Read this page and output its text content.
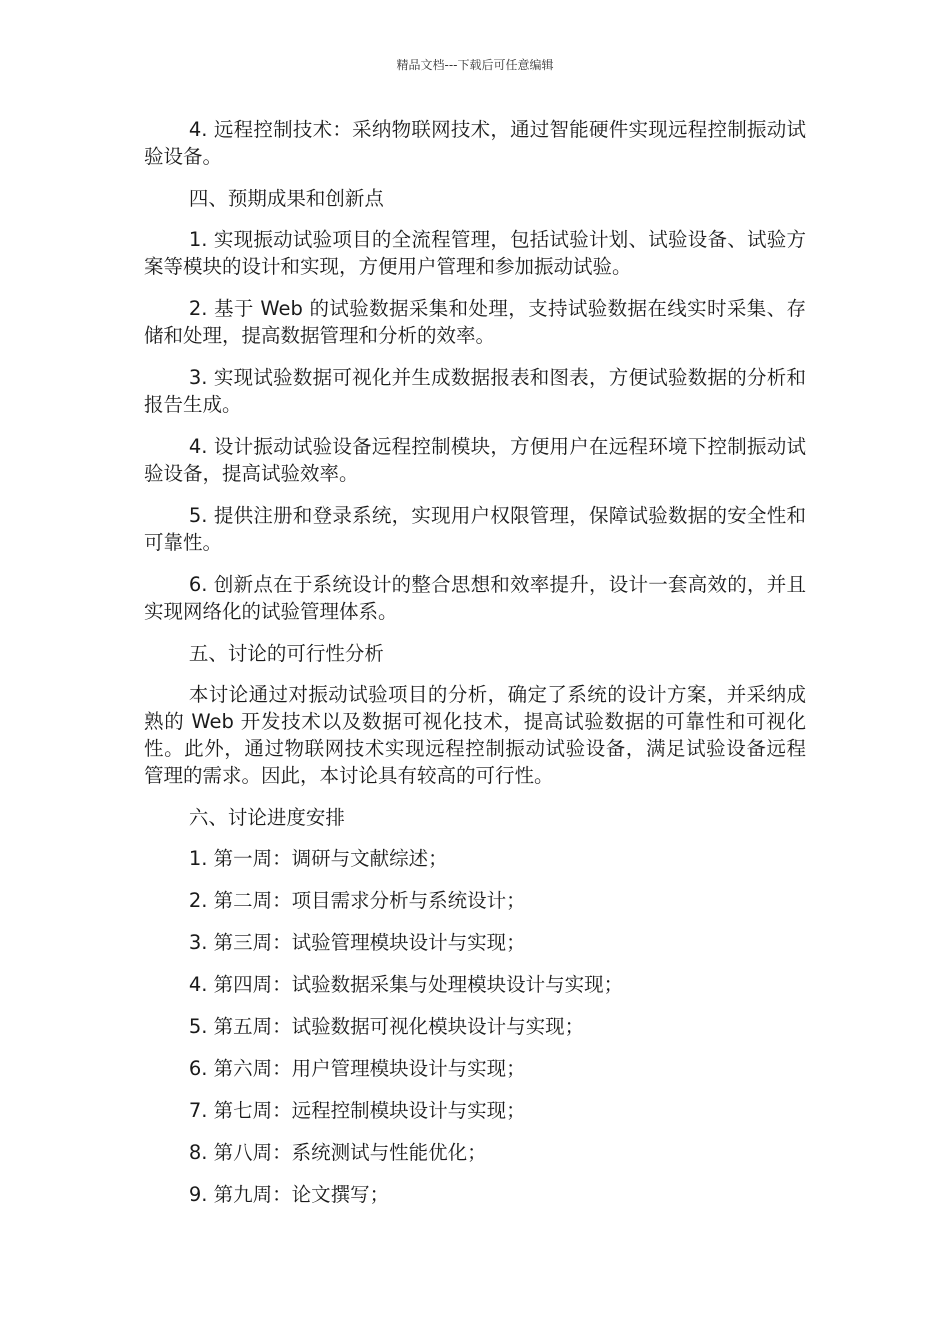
精品文档---下载后可任意编辑

4. 远程控制技术：采纳物联网技术，通过智能硬件实现远程控制振动试验设备。

四、预期成果和创新点

1. 实现振动试验项目的全流程管理，包括试验计划、试验设备、试验方案等模块的设计和实现，方便用户管理和参加振动试验。

2. 基于 Web 的试验数据采集和处理，支持试验数据在线实时采集、存储和处理，提高数据管理和分析的效率。

3. 实现试验数据可视化并生成数据报表和图表，方便试验数据的分析和报告生成。

4. 设计振动试验设备远程控制模块，方便用户在远程环境下控制振动试验设备，提高试验效率。

5. 提供注册和登录系统，实现用户权限管理，保障试验数据的安全性和可靠性。

6. 创新点在于系统设计的整合思想和效率提升，设计一套高效的，并且实现网络化的试验管理体系。

五、讨论的可行性分析

本讨论通过对振动试验项目的分析，确定了系统的设计方案，并采纳成熟的 Web 开发技术以及数据可视化技术，提高试验数据的可靠性和可视化性。此外，通过物联网技术实现远程控制振动试验设备，满足试验设备远程管理的需求。因此，本讨论具有较高的可行性。

六、讨论进度安排

1. 第一周：调研与文献综述；

2. 第二周：项目需求分析与系统设计；

3. 第三周：试验管理模块设计与实现；

4. 第四周：试验数据采集与处理模块设计与实现；

5. 第五周：试验数据可视化模块设计与实现；

6. 第六周：用户管理模块设计与实现；

7. 第七周：远程控制模块设计与实现；

8. 第八周：系统测试与性能优化；

9. 第九周：论文撰写；
